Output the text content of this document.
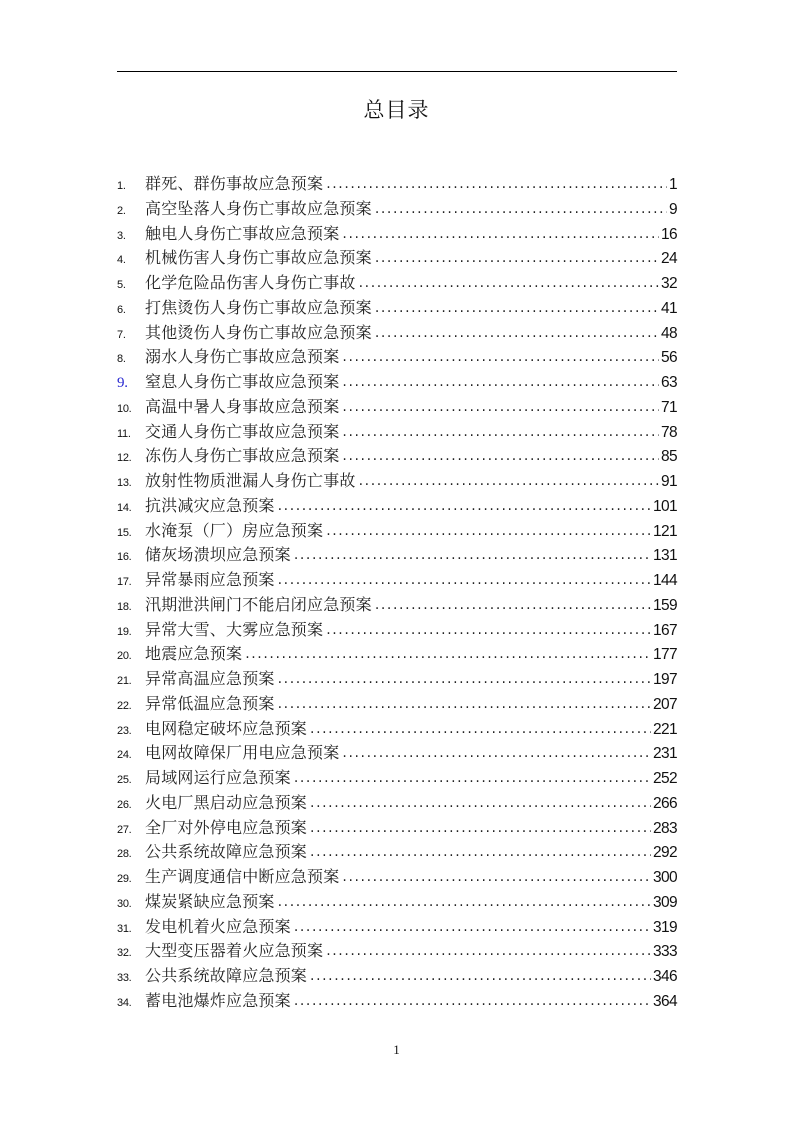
总目录
1.	群死、群伤事故应急预案 .....	1
2.	高空坠落人身伤亡事故应急预案 .....	9
3.	触电人身伤亡事故应急预案 .....	16
4.	机械伤害人身伤亡事故应急预案 .....	24
5.	化学危险品伤害人身伤亡事故 .....	32
6.	打焦烫伤人身伤亡事故应急预案 .....	41
7.	其他烫伤人身伤亡事故应急预案 .....	48
8.	溺水人身伤亡事故应急预案 .....	56
9.	窒息人身伤亡事故应急预案 .....	63
10. 高温中暑人身事故应急预案 .....	71
11. 交通人身伤亡事故应急预案 .....	78
12. 冻伤人身伤亡事故应急预案 .....	85
13. 放射性物质泄漏人身伤亡事故 .....	91
14. 抗洪减灾应急预案 .....	101
15. 水淹泵（厂）房应急预案 .....	121
16. 储灰场溃坝应急预案 .....	131
17. 异常暴雨应急预案 .....	144
18. 汛期泄洪闸门不能启闭应急预案 .....	159
19. 异常大雪、大雾应急预案 .....	167
20. 地震应急预案 .....	177
21. 异常高温应急预案 .....	197
22. 异常低温应急预案 .....	207
23. 电网稳定破坏应急预案 .....	221
24. 电网故障保厂用电应急预案 .....	231
25. 局域网运行应急预案 .....	252
26. 火电厂黑启动应急预案 .....	266
27. 全厂对外停电应急预案 .....	283
28. 公共系统故障应急预案 .....	292
29. 生产调度通信中断应急预案 .....	300
30. 煤炭紧缺应急预案 .....	309
31. 发电机着火应急预案 .....	319
32. 大型变压器着火应急预案 .....	333
33. 公共系统故障应急预案 .....	346
34. 蓄电池爆炸应急预案 .....	364
1
